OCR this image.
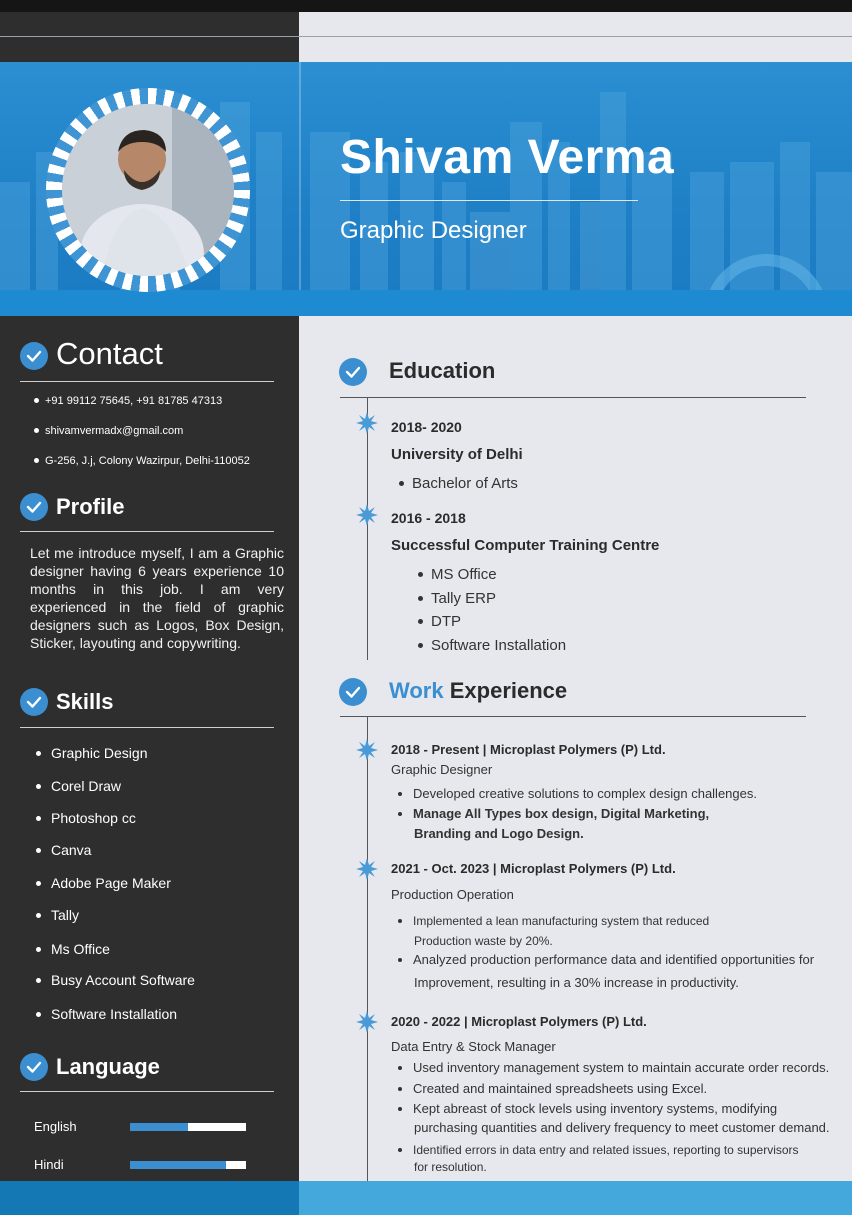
Shivam Verma
Graphic Designer
Contact
+91 99112 75645, +91 81785 47313
shivamvermadx@gmail.com
G-256, J.j, Colony Wazirpur, Delhi-110052
Profile
Let me introduce myself, I am a Graphic designer having 6 years experience 10 months in this job. I am very experienced in the field of graphic designers such as Logos, Box Design, Sticker, layouting and copywriting.
Skills
Graphic Design
Corel Draw
Photoshop cc
Canva
Adobe Page Maker
Tally
Ms Office
Busy Account Software
Software Installation
Language
English
Hindi
Education
2018- 2020
University of Delhi
Bachelor of Arts
2016 - 2018
Successful Computer Training Centre
MS Office
Tally ERP
DTP
Software Installation
Work Experience
2018 - Present | Microplast Polymers (P) Ltd.
Graphic Designer
Developed creative solutions to complex design challenges.
Manage All Types box design, Digital Marketing,
Branding and Logo Design.
2021 - Oct. 2023 | Microplast Polymers (P) Ltd.
Production Operation
Implemented a lean manufacturing system that reduced
Production waste by 20%.
Analyzed production performance data and identified opportunities for
Improvement, resulting in a 30% increase in productivity.
2020 - 2022 | Microplast Polymers (P) Ltd.
Data Entry & Stock Manager
Used inventory management system to maintain accurate order records.
Created and maintained spreadsheets using Excel.
Kept abreast of stock levels using inventory systems, modifying
purchasing quantities and delivery frequency to meet customer demand.
Identified errors in data entry and related issues, reporting to supervisors
for resolution.
